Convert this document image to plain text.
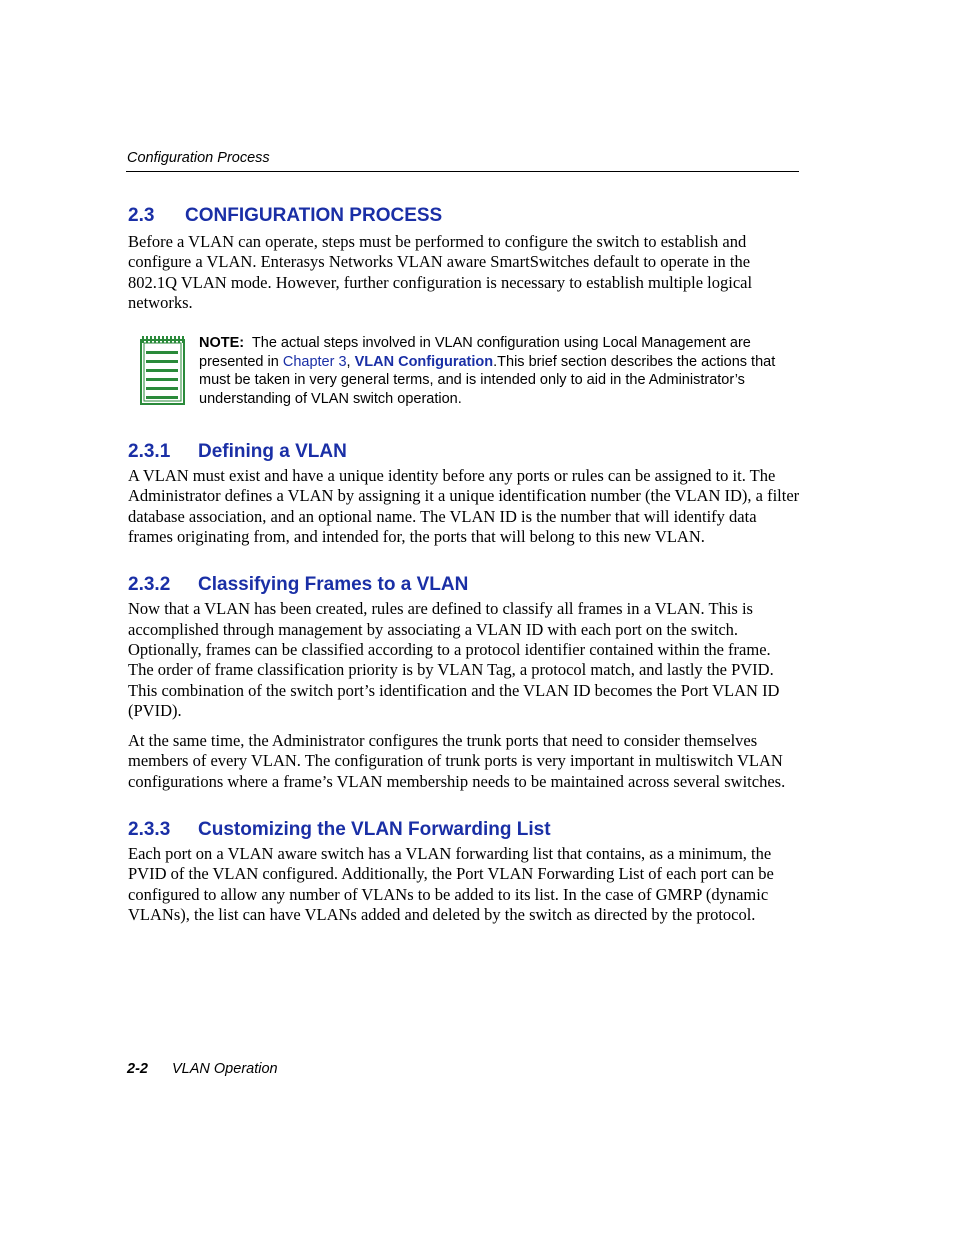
Configuration Process
2.3 CONFIGURATION PROCESS

Before a VLAN can operate, steps must be performed to configure the switch to establish and configure a VLAN. Enterasys Networks VLAN aware SmartSwitches default to operate in the 802.1Q VLAN mode. However, further configuration is necessary to establish multiple logical networks.

NOTE: The actual steps involved in VLAN configuration using Local Management are presented in Chapter 3, VLAN Configuration.This brief section describes the actions that must be taken in very general terms, and is intended only to aid in the Administrator’s understanding of VLAN switch operation.
2.3.1 Defining a VLAN

A VLAN must exist and have a unique identity before any ports or rules can be assigned to it. The Administrator defines a VLAN by assigning it a unique identification number (the VLAN ID), a filter database association, and an optional name. The VLAN ID is the number that will identify data frames originating from, and intended for, the ports that will belong to this new VLAN.

2.3.2 Classifying Frames to a VLAN

Now that a VLAN has been created, rules are defined to classify all frames in a VLAN. This is accomplished through management by associating a VLAN ID with each port on the switch. Optionally, frames can be classified according to a protocol identifier contained within the frame. The order of frame classification priority is by VLAN Tag, a protocol match, and lastly the PVID. This combination of the switch port’s identification and the VLAN ID becomes the Port VLAN ID (PVID).

At the same time, the Administrator configures the trunk ports that need to consider themselves members of every VLAN. The configuration of trunk ports is very important in multiswitch VLAN configurations where a frame’s VLAN membership needs to be maintained across several switches.

2.3.3 Customizing the VLAN Forwarding List

Each port on a VLAN aware switch has a VLAN forwarding list that contains, as a minimum, the PVID of the VLAN configured. Additionally, the Port VLAN Forwarding List of each port can be configured to allow any number of VLANs to be added to its list. In the case of GMRP (dynamic VLANs), the list can have VLANs added and deleted by the switch as directed by the protocol.

2-2 VLAN Operation
